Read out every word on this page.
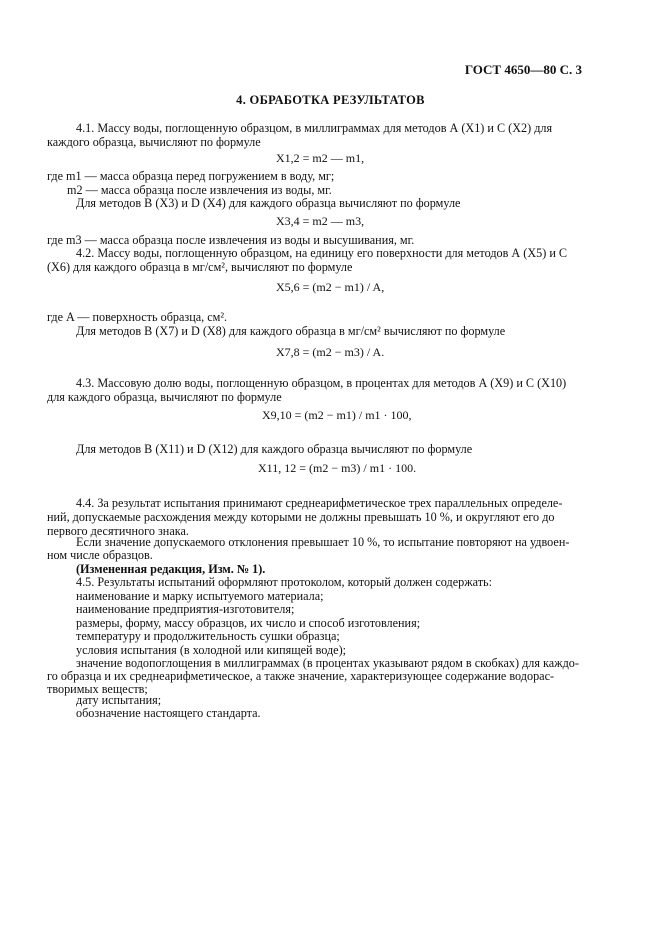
ГОСТ 4650—80 С. 3
4. ОБРАБОТКА РЕЗУЛЬТАТОВ
4.1. Массу воды, поглощенную образцом, в миллиграммах для методов А (X1) и С (X2) для
каждого образца, вычисляют по формуле
X1,2 = m2 — m1,
где m1 — масса образца перед погружением в воду, мг;
m2 — масса образца после извлечения из воды, мг.
Для методов В (X3) и D (X4) для каждого образца вычисляют по формуле
X3,4 = m2 — m3,
где m3 — масса образца после извлечения из воды и высушивания, мг.
4.2. Массу воды, поглощенную образцом, на единицу его поверхности для методов А (X5) и С
(X6) для каждого образца в мг/см², вычисляют по формуле
X5,6 = (m2 − m1) / A,
где A — поверхность образца, см².
Для методов В (X7) и D (X8) для каждого образца в мг/см² вычисляют по формуле
X7,8 = (m2 − m3) / A.
4.3. Массовую долю воды, поглощенную образцом, в процентах для методов А (X9) и С (X10)
для каждого образца, вычисляют по формуле
X9,10 = (m2 − m1) / m1 · 100,
Для методов В (X11) и D (X12) для каждого образца вычисляют по формуле
X11, 12 = (m2 − m3) / m1 · 100.
4.4. За результат испытания принимают среднеарифметическое трех параллельных определе-
ний, допускаемые расхождения между которыми не должны превышать 10 %, и округляют его до
первого десятичного знака.
Если значение допускаемого отклонения превышает 10 %, то испытание повторяют на удвоен-
ном числе образцов.
(Измененная редакция, Изм. № 1).
4.5. Результаты испытаний оформляют протоколом, который должен содержать:
наименование и марку испытуемого материала;
наименование предприятия-изготовителя;
размеры, форму, массу образцов, их число и способ изготовления;
температуру и продолжительность сушки образца;
условия испытания (в холодной или кипящей воде);
значение водопоглощения в миллиграммах (в процентах указывают рядом в скобках) для каждо-
го образца и их среднеарифметическое, а также значение, характеризующее содержание водорас-
творимых веществ;
дату испытания;
обозначение настоящего стандарта.
